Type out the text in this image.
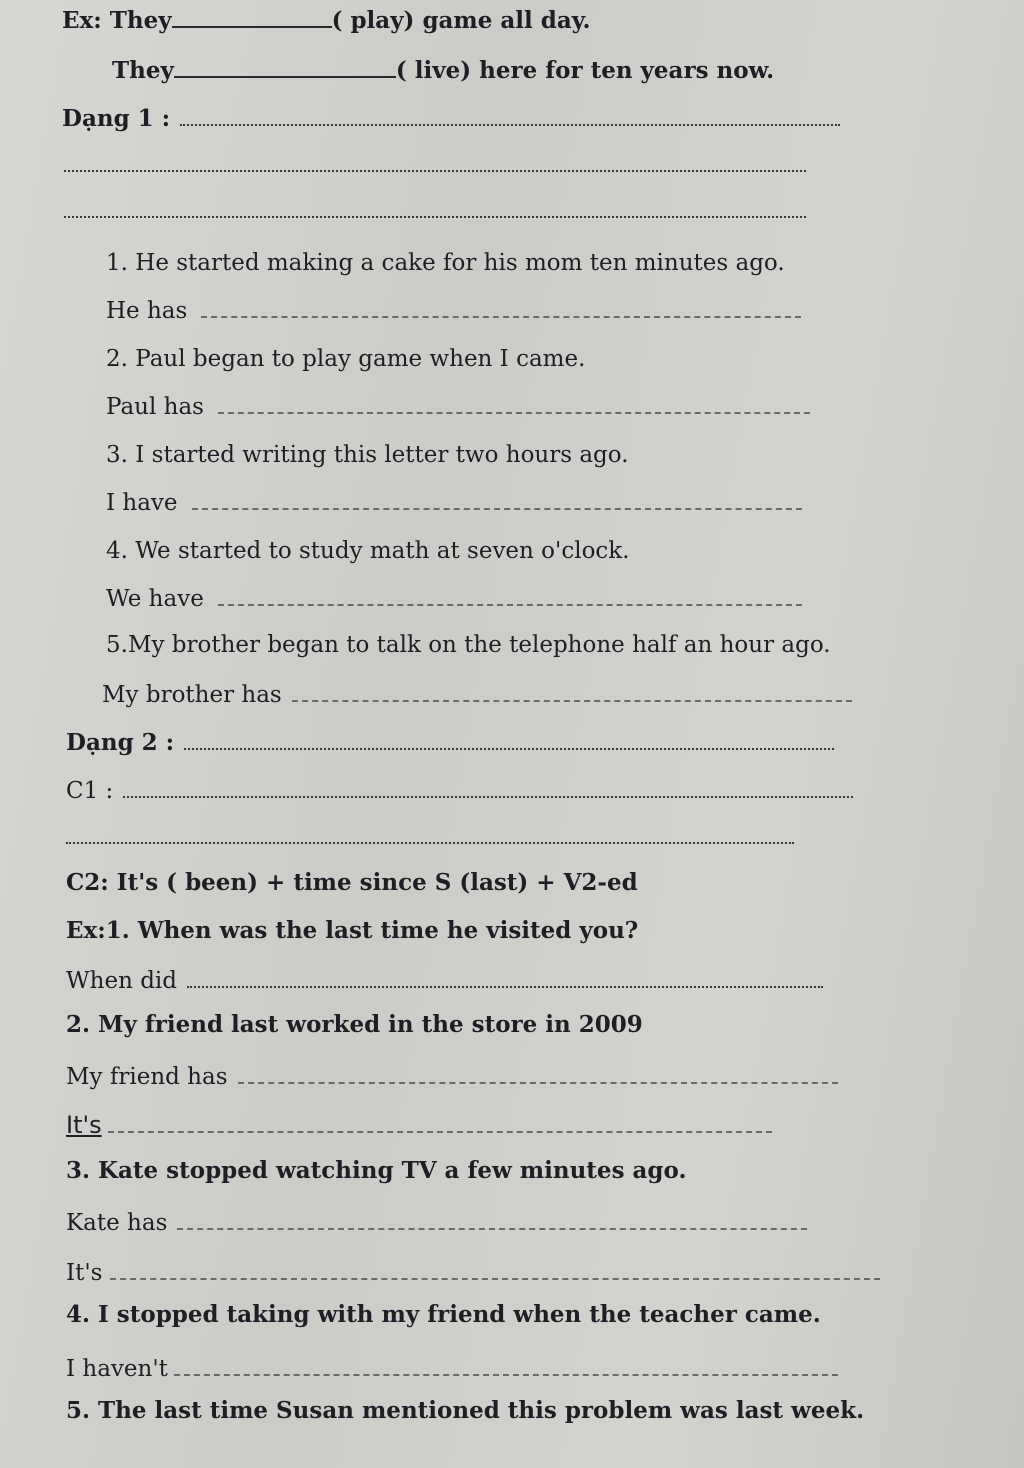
Ex: They	( play) game all day.
They	( live) here for ten years now.
Dạng 1 :
1. He started making a cake for his mom ten minutes ago.
He has
2. Paul began to play game when I came.
Paul has
3. I started writing this letter two hours ago.
I have
4. We started to study math at seven o'clock.
We have
5.My brother began to talk on the telephone half an hour ago.
My brother has
Dạng 2 :
C1 :
C2: It's ( been) + time since S (last) + V2-ed
Ex:1. When was the last time he visited you?
When did
2. My friend last worked in the store in 2009
My friend has
It's
3. Kate stopped watching TV a few minutes ago.
Kate has
It's
4. I stopped taking with my friend when the teacher came.
I haven't
5. The last time Susan mentioned this problem was last week.
